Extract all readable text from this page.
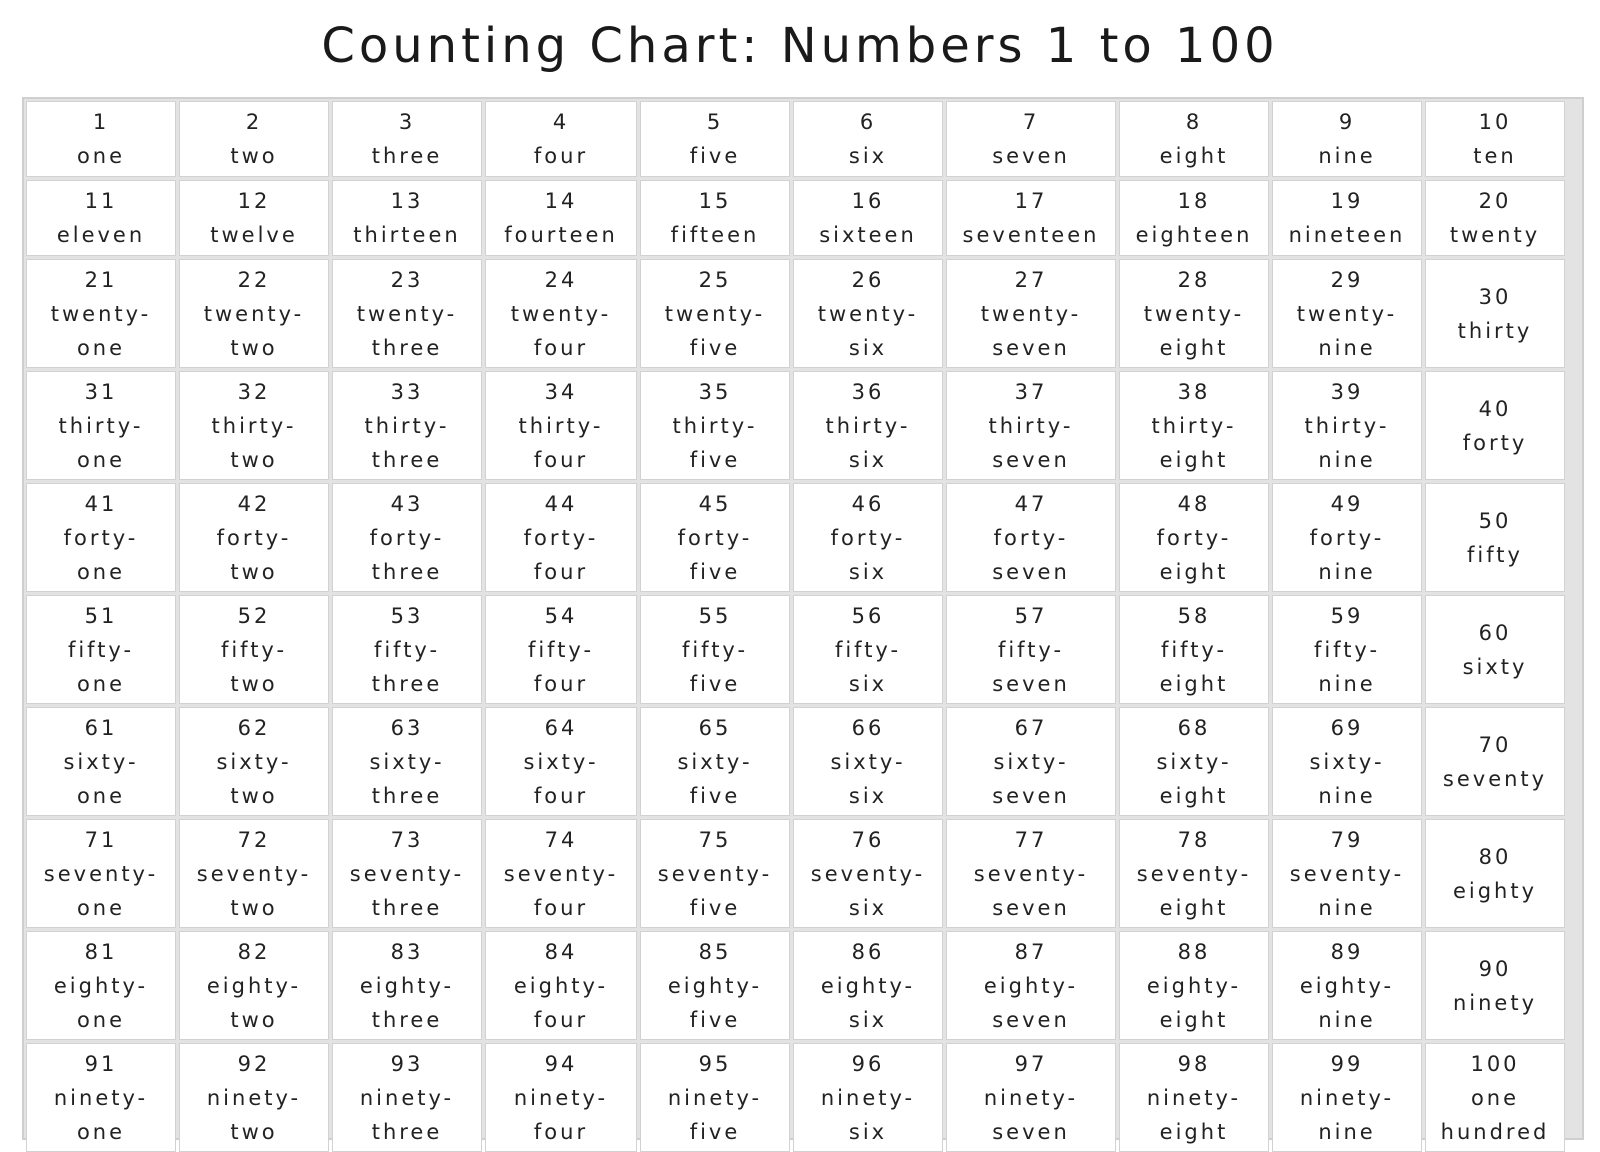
Counting Chart: Numbers 1 to 100
1
one
2
two
3
three
4
four
5
five
6
six
7
seven
8
eight
9
nine
10
ten
11
eleven
12
twelve
13
thirteen
14
fourteen
15
fifteen
16
sixteen
17
seventeen
18
eighteen
19
nineteen
20
twenty
21
twenty-
one
22
twenty-
two
23
twenty-
three
24
twenty-
four
25
twenty-
five
26
twenty-
six
27
twenty-
seven
28
twenty-
eight
29
twenty-
nine
30
thirty
31
thirty-
one
32
thirty-
two
33
thirty-
three
34
thirty-
four
35
thirty-
five
36
thirty-
six
37
thirty-
seven
38
thirty-
eight
39
thirty-
nine
40
forty
41
forty-
one
42
forty-
two
43
forty-
three
44
forty-
four
45
forty-
five
46
forty-
six
47
forty-
seven
48
forty-
eight
49
forty-
nine
50
fifty
51
fifty-
one
52
fifty-
two
53
fifty-
three
54
fifty-
four
55
fifty-
five
56
fifty-
six
57
fifty-
seven
58
fifty-
eight
59
fifty-
nine
60
sixty
61
sixty-
one
62
sixty-
two
63
sixty-
three
64
sixty-
four
65
sixty-
five
66
sixty-
six
67
sixty-
seven
68
sixty-
eight
69
sixty-
nine
70
seventy
71
seventy-
one
72
seventy-
two
73
seventy-
three
74
seventy-
four
75
seventy-
five
76
seventy-
six
77
seventy-
seven
78
seventy-
eight
79
seventy-
nine
80
eighty
81
eighty-
one
82
eighty-
two
83
eighty-
three
84
eighty-
four
85
eighty-
five
86
eighty-
six
87
eighty-
seven
88
eighty-
eight
89
eighty-
nine
90
ninety
91
ninety-
one
92
ninety-
two
93
ninety-
three
94
ninety-
four
95
ninety-
five
96
ninety-
six
97
ninety-
seven
98
ninety-
eight
99
ninety-
nine
100
one
hundred
